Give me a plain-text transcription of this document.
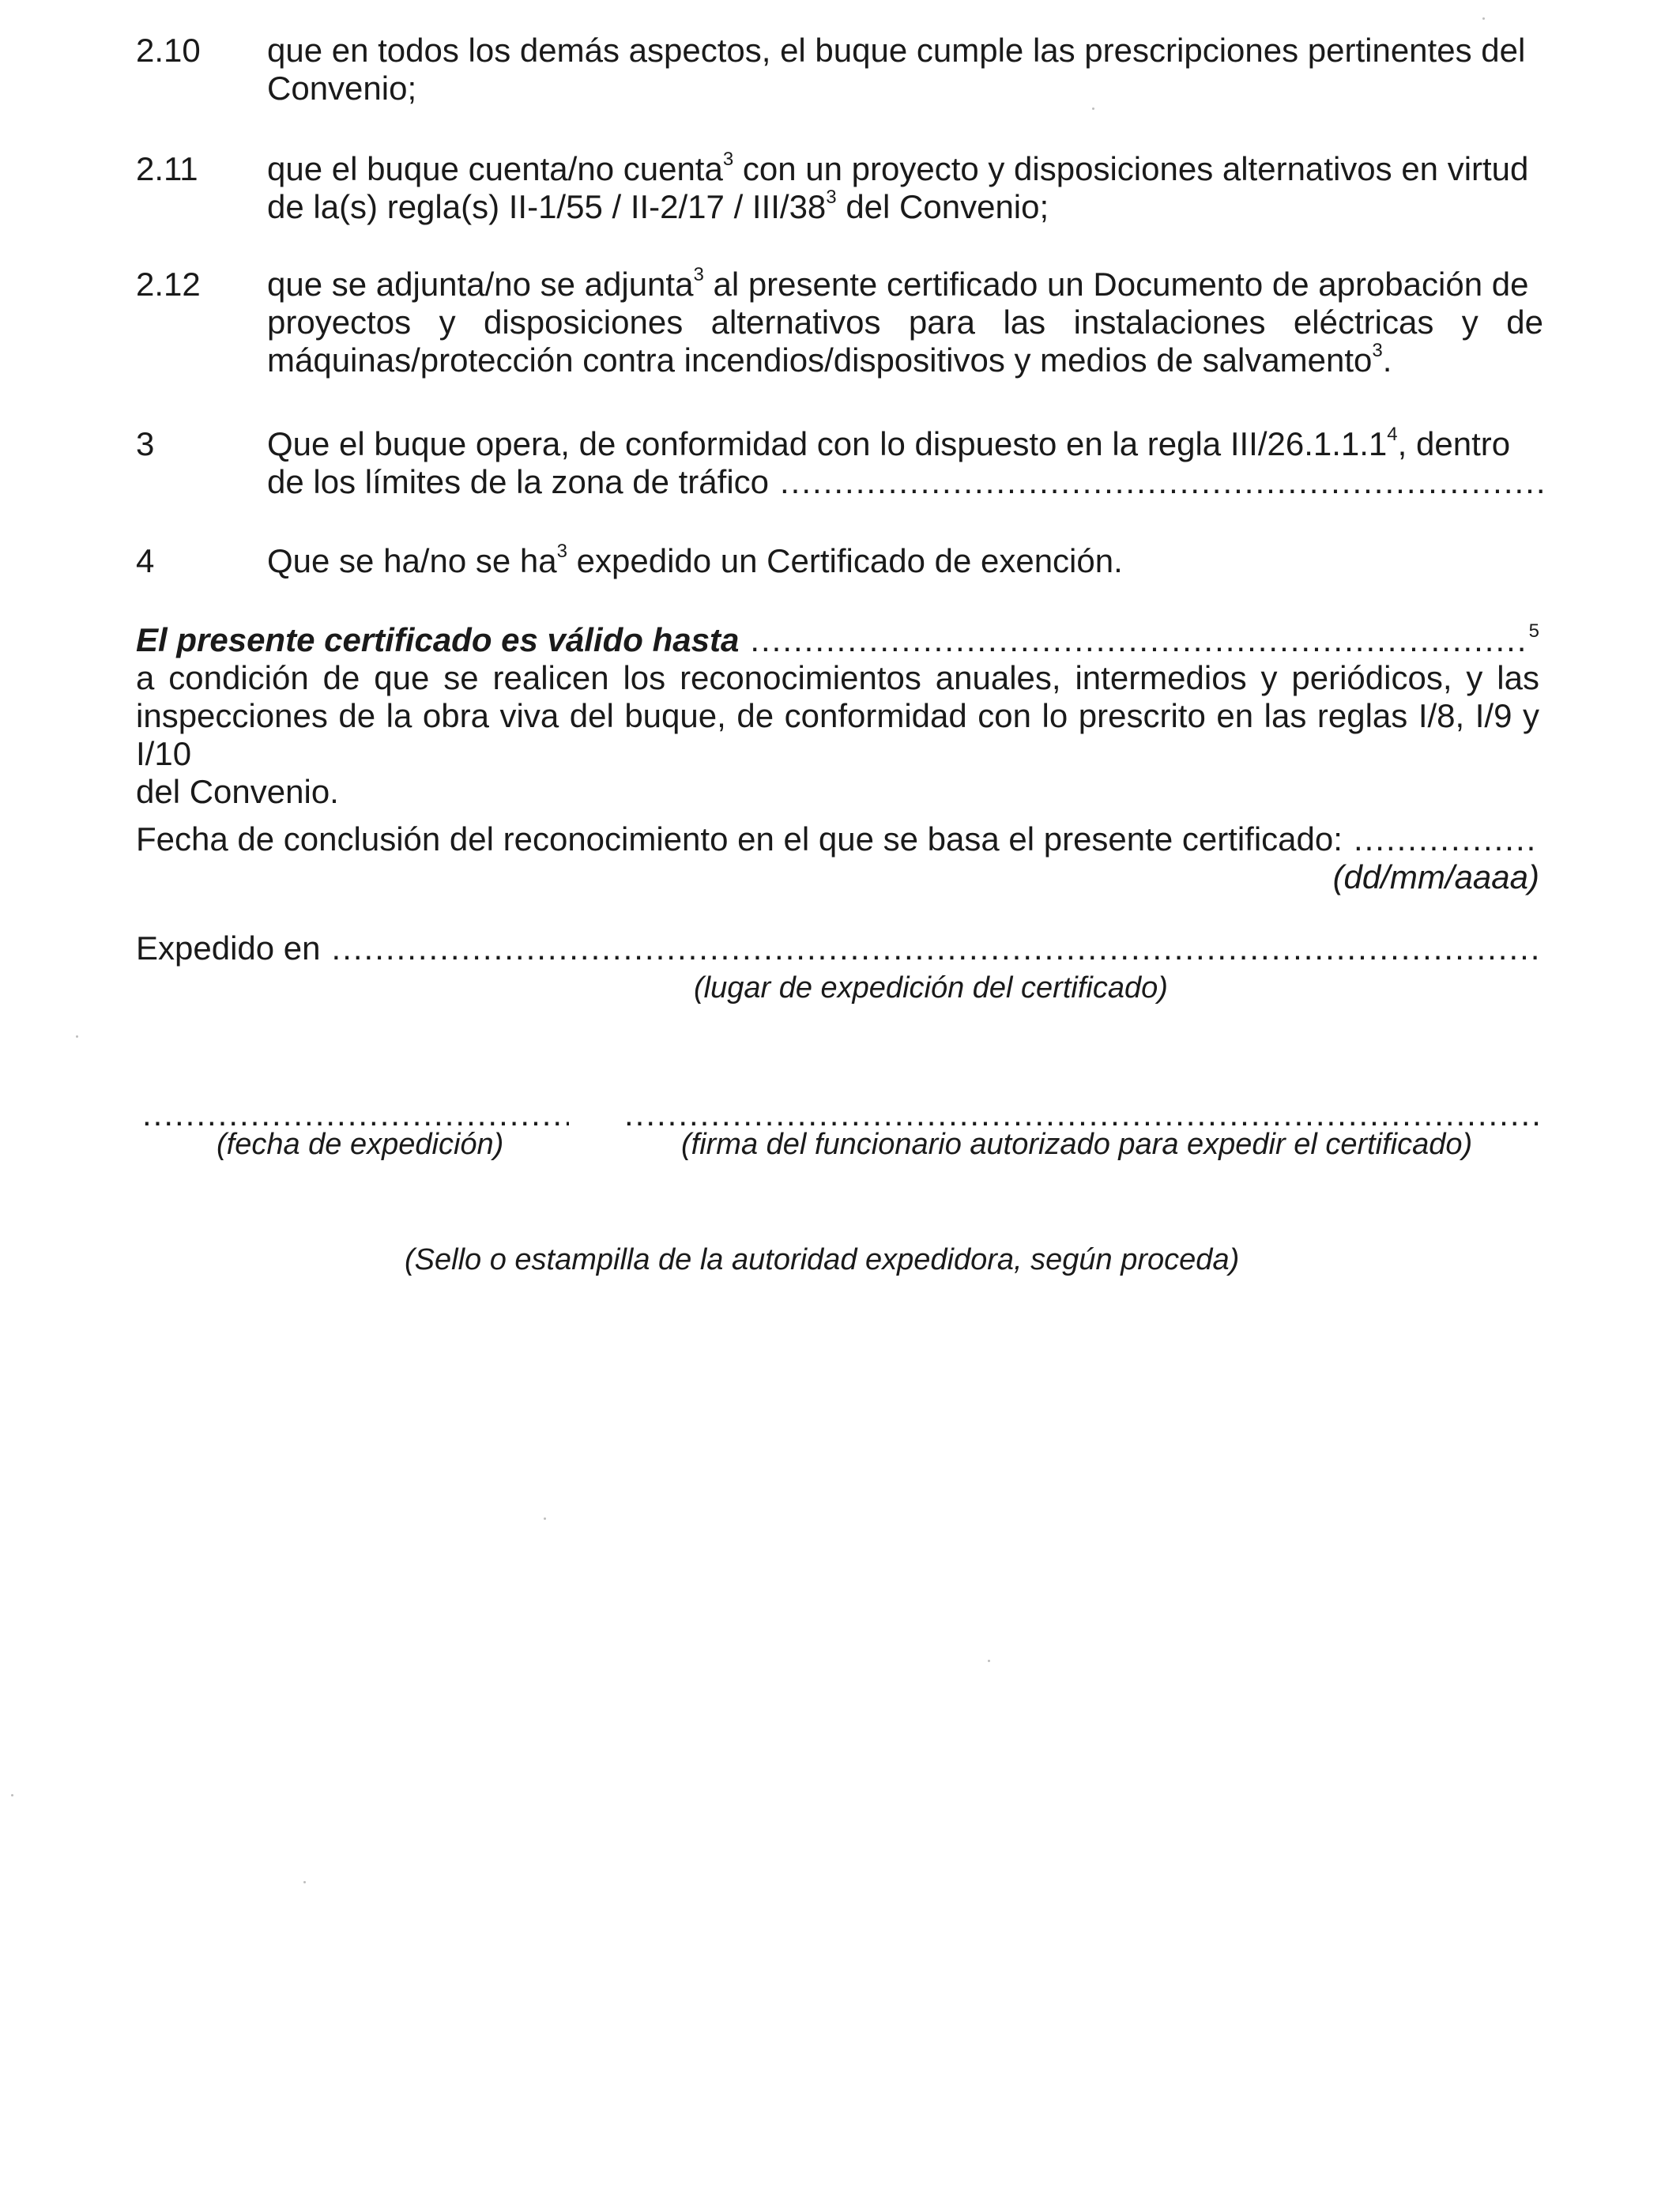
2.10 que en todos los demás aspectos, el buque cumple las prescripciones pertinentes del
Convenio;
2.11 que el buque cuenta/no cuenta$^3$ con un proyecto y disposiciones alternativos en virtud
de la(s) regla(s) II-1/55 / II-2/17 / III/$38^3$ del Convenio;
2.12 que se adjunta/no se adjunta$^3$ al presente certificado un Documento de aprobación de
proyectos y disposiciones alternativos para las instalaciones eléctricas y de
máquinas/protección contra incendios/dispositivos y medios de salvamento$^3$.
3	Que el buque opera, de conformidad con lo dispuesto en la regla III/26.1.1.1$^4$, dentro
de los límites de la zona de tráfico
.....
4	Que se ha/no se $ha^3$ expedido un Certificado de exención.
El presente certificado es válido hasta
.....	$^5$
a condición de que se realicen los reconocimientos anuales, intermedios y periódicos, y las
inspecciones de la obra viva del buque, de conformidad con lo prescrito en las reglas I/8, I/9 y I/10
del Convenio.
Fecha de conclusión del reconocimiento en el que se basa el presente certificado:
.....
(dd/mm/aaaa)
Expedido en
.....
(lugar de expedición del certificado)
.....
.....
(fecha de expedición)	(firma del funcionario autorizado para expedir el certificado)
(Sello o estampilla de la autoridad expedidora, según proceda)
